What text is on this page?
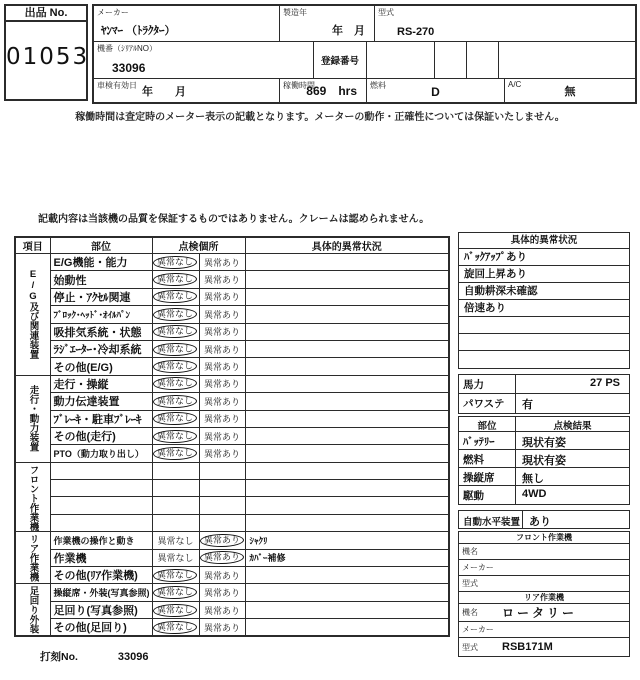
出品 No.
01053
メーカー
ﾔﾝﾏｰ （ﾄﾗｸﾀｰ）
製造年
年　月
型式
RS-270
機番（ｼﾘｱﾙNO）
33096	登録番号
車検有効日
年　　月
稼働時間
869　hrs 燃料	D
A/C
無
稼働時間は査定時のメーター表示の記載となります。メーターの動作・正確性については保証いたしません。
記載内容は当該機の品質を保証するものではありません。クレームは認められません。
項目	部位	点検個所		具体的異常状況
E/G及び関連装置	E/G機能・能力	異常なし	異常あり	
	始動性	異常なし	異常あり	
	停止・ｱｸｾﾙ関連	異常なし	異常あり	
	ﾌﾞﾛｯｸ･ﾍｯﾄﾞ･ｵｲﾙﾊﾟﾝ	異常なし	異常あり	
	吸排気系統・状態	異常なし	異常あり	
	ﾗｼﾞｴｰﾀｰ･冷却系統	異常なし	異常あり	
	その他(E/G)	異常なし	異常あり	
走行・動力装置	走行・操縦	異常なし	異常あり	
	動力伝達装置	異常なし	異常あり	
	ﾌﾞﾚｰｷ・駐車ﾌﾞﾚｰｷ	異常なし	異常あり	
	その他(走行)	異常なし	異常あり	
	PTO（動力取り出し）	異常なし	異常あり	
フロント作業機				

リア作業機	作業機の操作と動き	異常なし	異常あり	ｼｬｸﾘ
	作業機	異常なし	異常あり	ｶﾊﾞｰ補修
	その他(ﾘｱ作業機)	異常なし	異常あり	
足回り外装	操縦席・外装(写真参照)	異常なし	異常あり	
	足回り(写真参照)	異常なし	異常あり	
	その他(足回り)	異常なし	異常あり	
具体的異常状況
ﾊﾞｯｸｱｯﾌﾟあり
旋回上昇あり
自動耕深未確認
倍速あり
馬力	27 PS
パワステ	有
部位	点検結果
ﾊﾞｯﾃﾘｰ	現状有姿
燃料	現状有姿
操縦席	無し
駆動	4WD
自動水平装置 あり
フロント作業機
機名
メーカー
型式
リア作業機
機名	ロータリー
メーカー
型式	RSB171M
打刻No.	33096
